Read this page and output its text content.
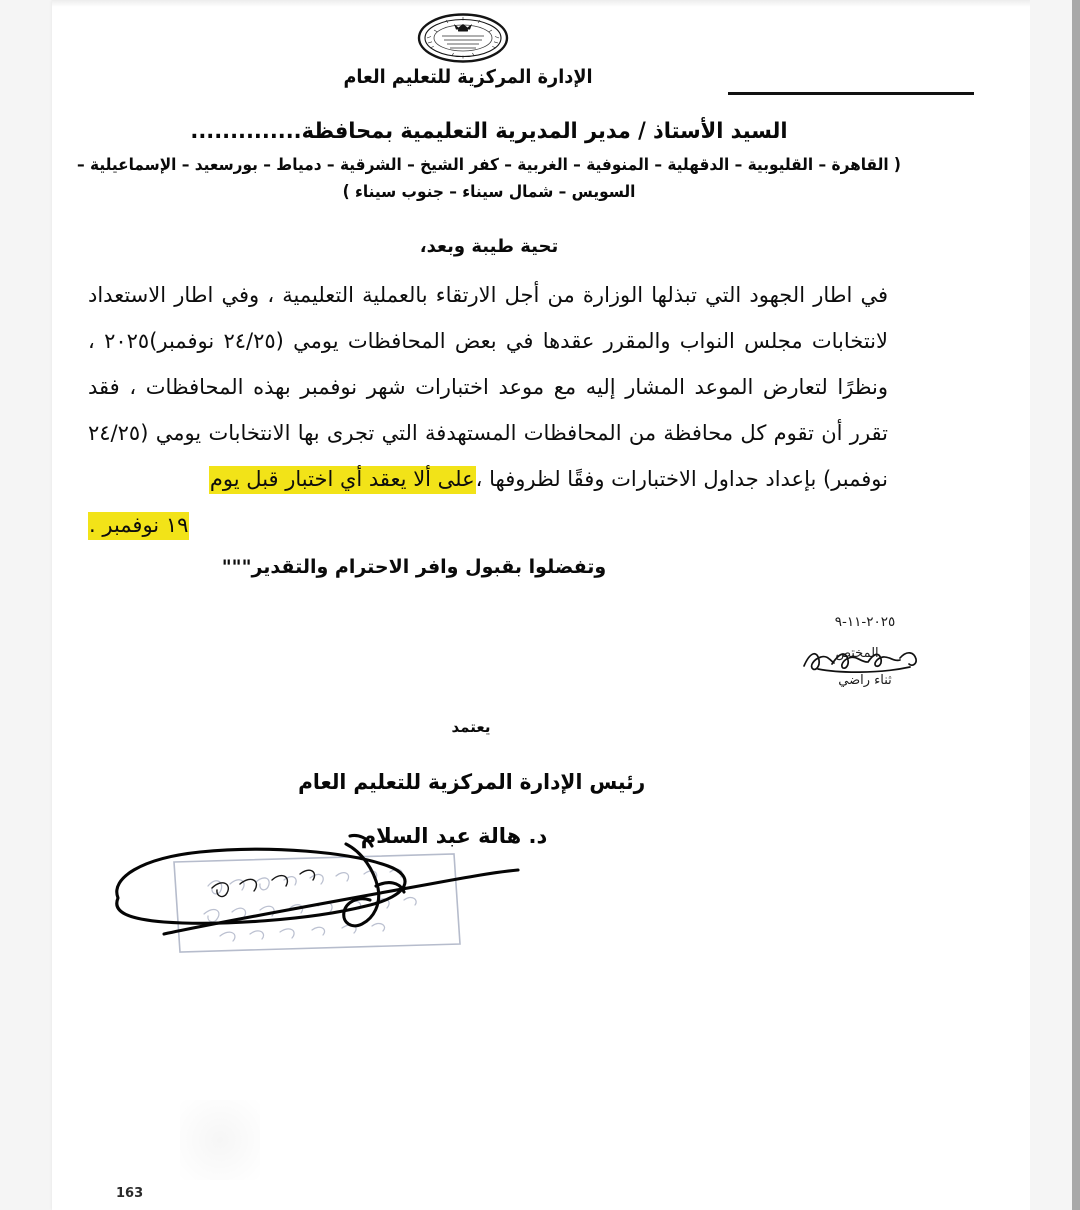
الإدارة المركزية للتعليم العام
السيد الأستاذ / مدير المديرية التعليمية بمحافظة..............
( القاهرة – القليوبية – الدقهلية – المنوفية – الغربية – كفر الشيخ – الشرقية – دمياط – بورسعيد – الإسماعيلية –
السويس – شمال سيناء – جنوب سيناء )
تحية طيبة وبعد،
في اطار الجهود التي تبذلها الوزارة من أجل الارتقاء بالعملية التعليمية ، وفي اطار الاستعداد لانتخابات مجلس النواب والمقرر عقدها في بعض المحافظات يومي (٢٤/٢٥ نوفمبر)٢٠٢٥ ، ونظرًا لتعارض الموعد المشار إليه مع موعد اختبارات شهر نوفمبر بهذه المحافظات ، فقد تقرر أن تقوم كل محافظة من المحافظات المستهدفة التي تجرى بها الانتخابات يومي (٢٤/٢٥ نوفمبر) بإعداد جداول الاختبارات وفقًا لظروفها ،على ألا يعقد أي اختبار قبل يوم
١٩ نوفمبر .
وتفضلوا بقبول وافر الاحترام والتقدير"""
٢٠٢٥-١١-٩
المختص
ثناء راضي
يعتمد
رئيس الإدارة المركزية للتعليم العام
د. هالة عبد السلام
163
